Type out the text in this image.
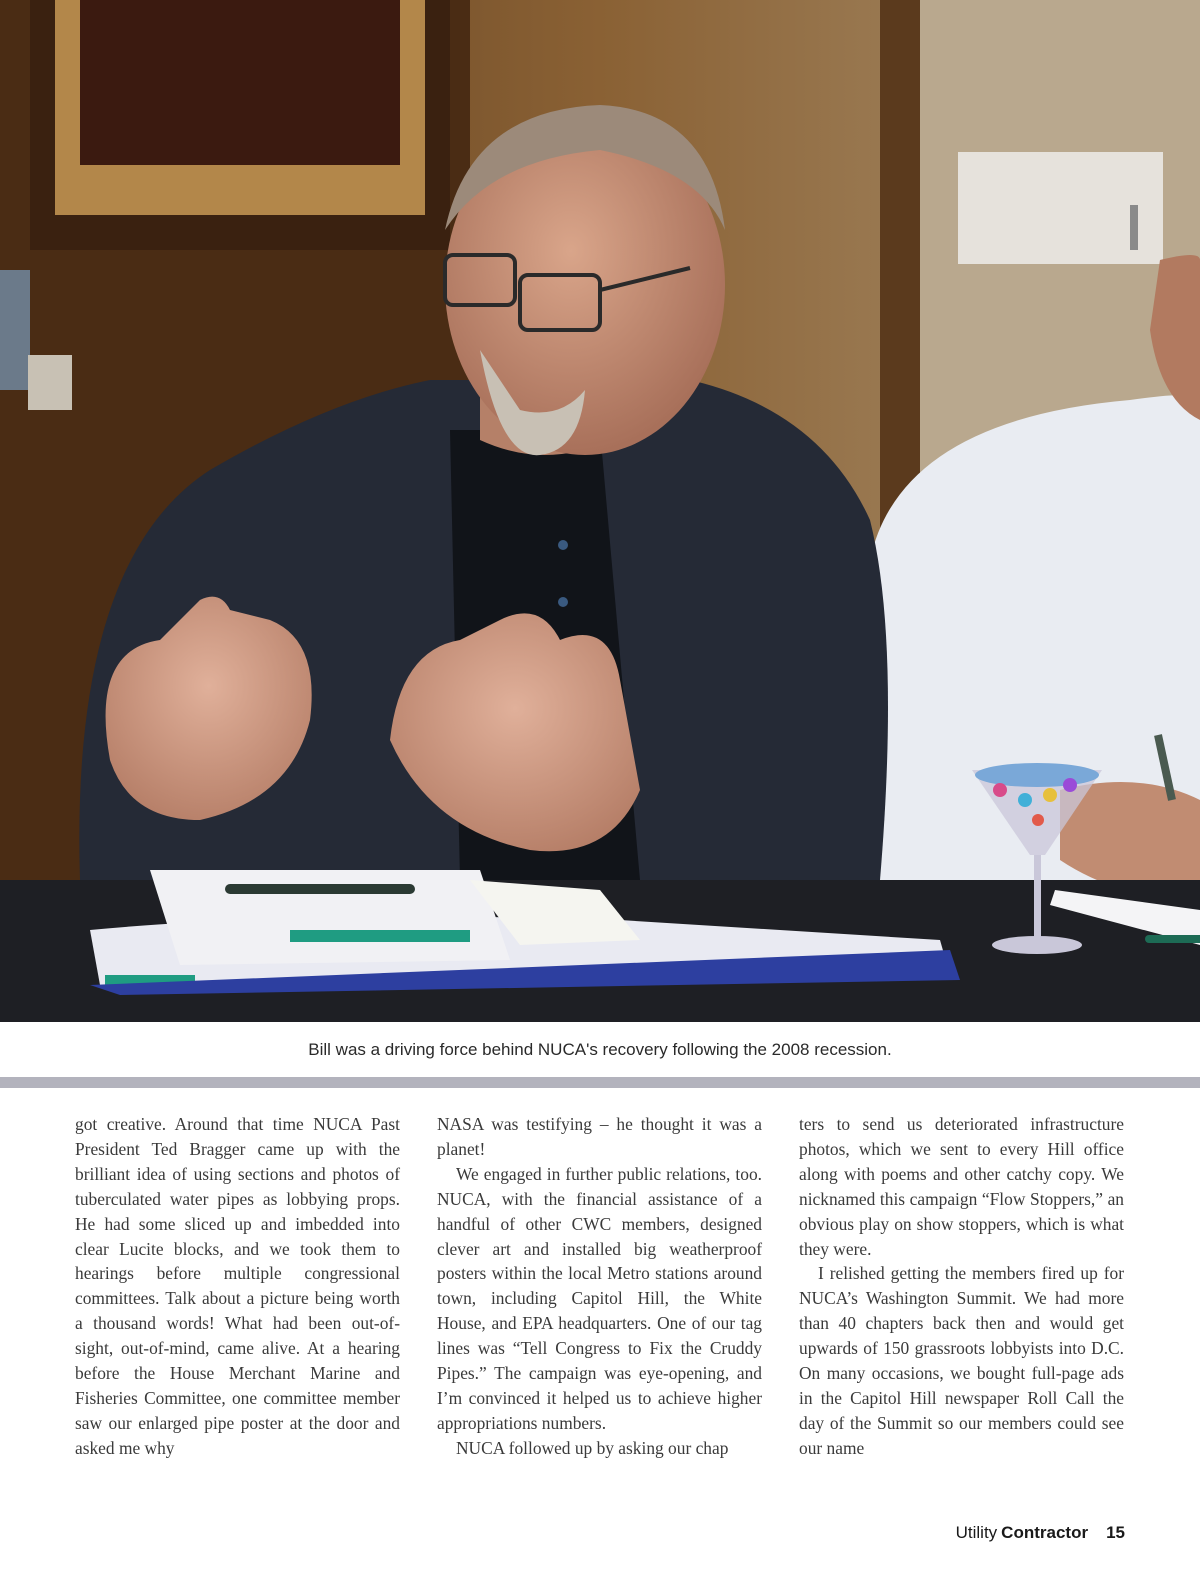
Bill was a driving force behind NUCA's recovery following the 2008 recession.

got creative. Around that time NUCA Past President Ted Bragger came up with the brilliant idea of using sections and photos of tuberculated water pipes as lobbying props. He had some sliced up and imbedded into clear Lucite blocks, and we took them to hearings before multiple congressional committees. Talk about a picture being worth a thousand words! What had been out-of-sight, out-of-mind, came alive. At a hearing before the House Merchant Marine and Fisheries Committee, one committee member saw our enlarged pipe poster at the door and asked me why

NASA was testifying – he thought it was a planet!

We engaged in further public relations, too. NUCA, with the financial assistance of a handful of other CWC members, designed clever art and installed big weatherproof posters within the local Metro stations around town, including Capitol Hill, the White House, and EPA headquarters. One of our tag lines was “Tell Congress to Fix the Cruddy Pipes.” The campaign was eye-opening, and I’m convinced it helped us to achieve higher appropriations numbers.

NUCA followed up by asking our chap

ters to send us deteriorated infrastructure photos, which we sent to every Hill office along with poems and other catchy copy. We nicknamed this campaign “Flow Stoppers,” an obvious play on show stoppers, which is what they were.

I relished getting the members fired up for NUCA’s Washington Summit. We had more than 40 chapters back then and would get upwards of 150 grassroots lobbyists into D.C. On many occasions, we bought full-page ads in the Capitol Hill newspaper Roll Call the day of the Summit so our members could see our name

Utility Contractor 15
